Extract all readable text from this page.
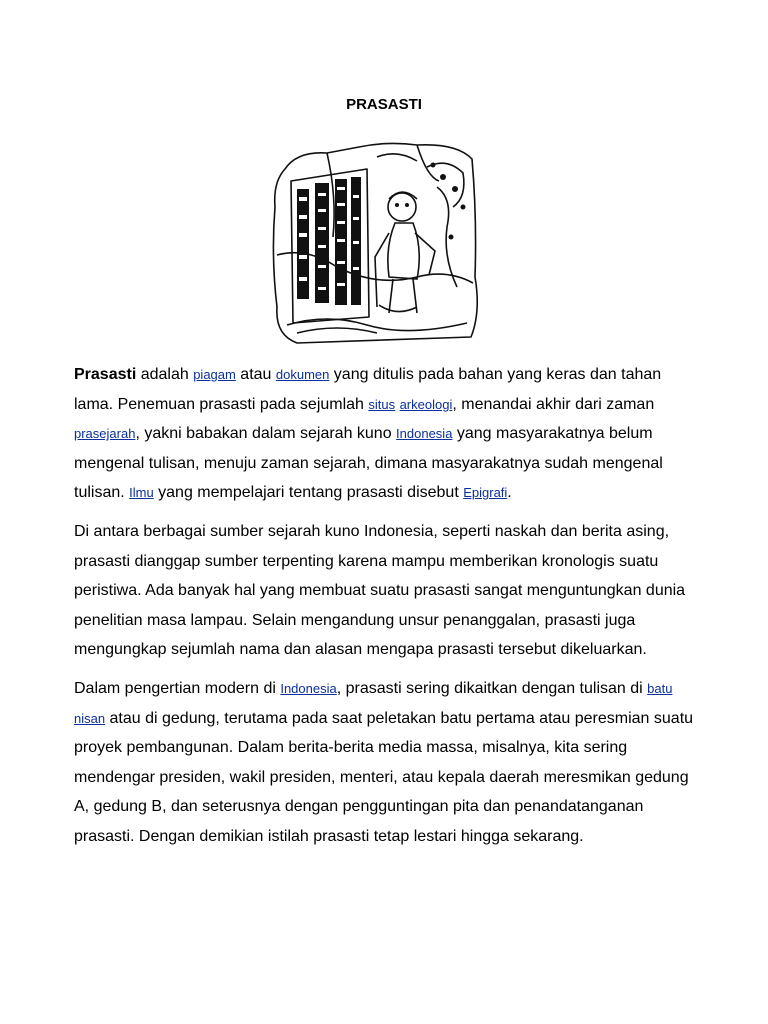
PRASASTI

Prasasti adalah piagam atau dokumen yang ditulis pada bahan yang keras dan tahan lama. Penemuan prasasti pada sejumlah situs arkeologi, menandai akhir dari zaman prasejarah, yakni babakan dalam sejarah kuno Indonesia yang masyarakatnya belum mengenal tulisan, menuju zaman sejarah, dimana masyarakatnya sudah mengenal tulisan. Ilmu yang mempelajari tentang prasasti disebut Epigrafi.

Di antara berbagai sumber sejarah kuno Indonesia, seperti naskah dan berita asing, prasasti dianggap sumber terpenting karena mampu memberikan kronologis suatu peristiwa. Ada banyak hal yang membuat suatu prasasti sangat menguntungkan dunia penelitian masa lampau. Selain mengandung unsur penanggalan, prasasti juga mengungkap sejumlah nama dan alasan mengapa prasasti tersebut dikeluarkan.

Dalam pengertian modern di Indonesia, prasasti sering dikaitkan dengan tulisan di batu nisan atau di gedung, terutama pada saat peletakan batu pertama atau peresmian suatu proyek pembangunan. Dalam berita-berita media massa, misalnya, kita sering mendengar presiden, wakil presiden, menteri, atau kepala daerah meresmikan gedung A, gedung B, dan seterusnya dengan pengguntingan pita dan penandatanganan prasasti. Dengan demikian istilah prasasti tetap lestari hingga sekarang.
